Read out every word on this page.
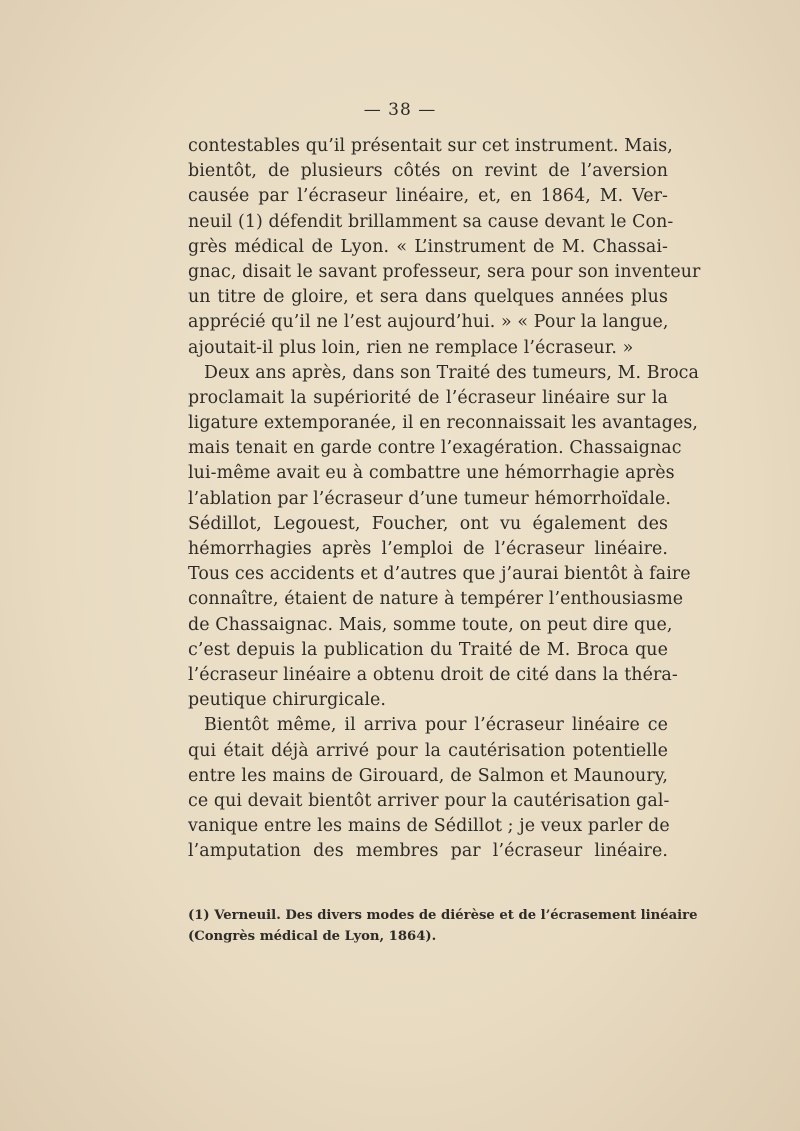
— 38 —
contestables qu’il présentait sur cet instrument. Mais,
bientôt, de plusieurs côtés on revint de l’aversion
causée par l’écraseur linéaire, et, en 1864, M. Ver-
neuil (1) défendit brillamment sa cause devant le Con-
grès médical de Lyon. « L’instrument de M. Chassai-
gnac, disait le savant professeur, sera pour son inventeur
un titre de gloire, et sera dans quelques années plus
apprécié qu’il ne l’est aujourd’hui. » « Pour la langue,
ajoutait-il plus loin, rien ne remplace l’écraseur. »
Deux ans après, dans son Traité des tumeurs, M. Broca
proclamait la supériorité de l’écraseur linéaire sur la
ligature extemporanée, il en reconnaissait les avantages,
mais tenait en garde contre l’exagération. Chassaignac
lui-même avait eu à combattre une hémorrhagie après
l’ablation par l’écraseur d’une tumeur hémorrhoïdale.
Sédillot, Legouest, Foucher, ont vu également des
hémorrhagies après l’emploi de l’écraseur linéaire.
Tous ces accidents et d’autres que j’aurai bientôt à faire
connaître, étaient de nature à tempérer l’enthousiasme
de Chassaignac. Mais, somme toute, on peut dire que,
c’est depuis la publication du Traité de M. Broca que
l’écraseur linéaire a obtenu droit de cité dans la théra-
peutique chirurgicale.
Bientôt même, il arriva pour l’écraseur linéaire ce
qui était déjà arrivé pour la cautérisation potentielle
entre les mains de Girouard, de Salmon et Maunoury,
ce qui devait bientôt arriver pour la cautérisation gal-
vanique entre les mains de Sédillot ; je veux parler de
l’amputation des membres par l’écraseur linéaire.
(1) Verneuil. Des divers modes de diérèse et de l’écrasement linéaire
(Congrès médical de Lyon, 1864).
